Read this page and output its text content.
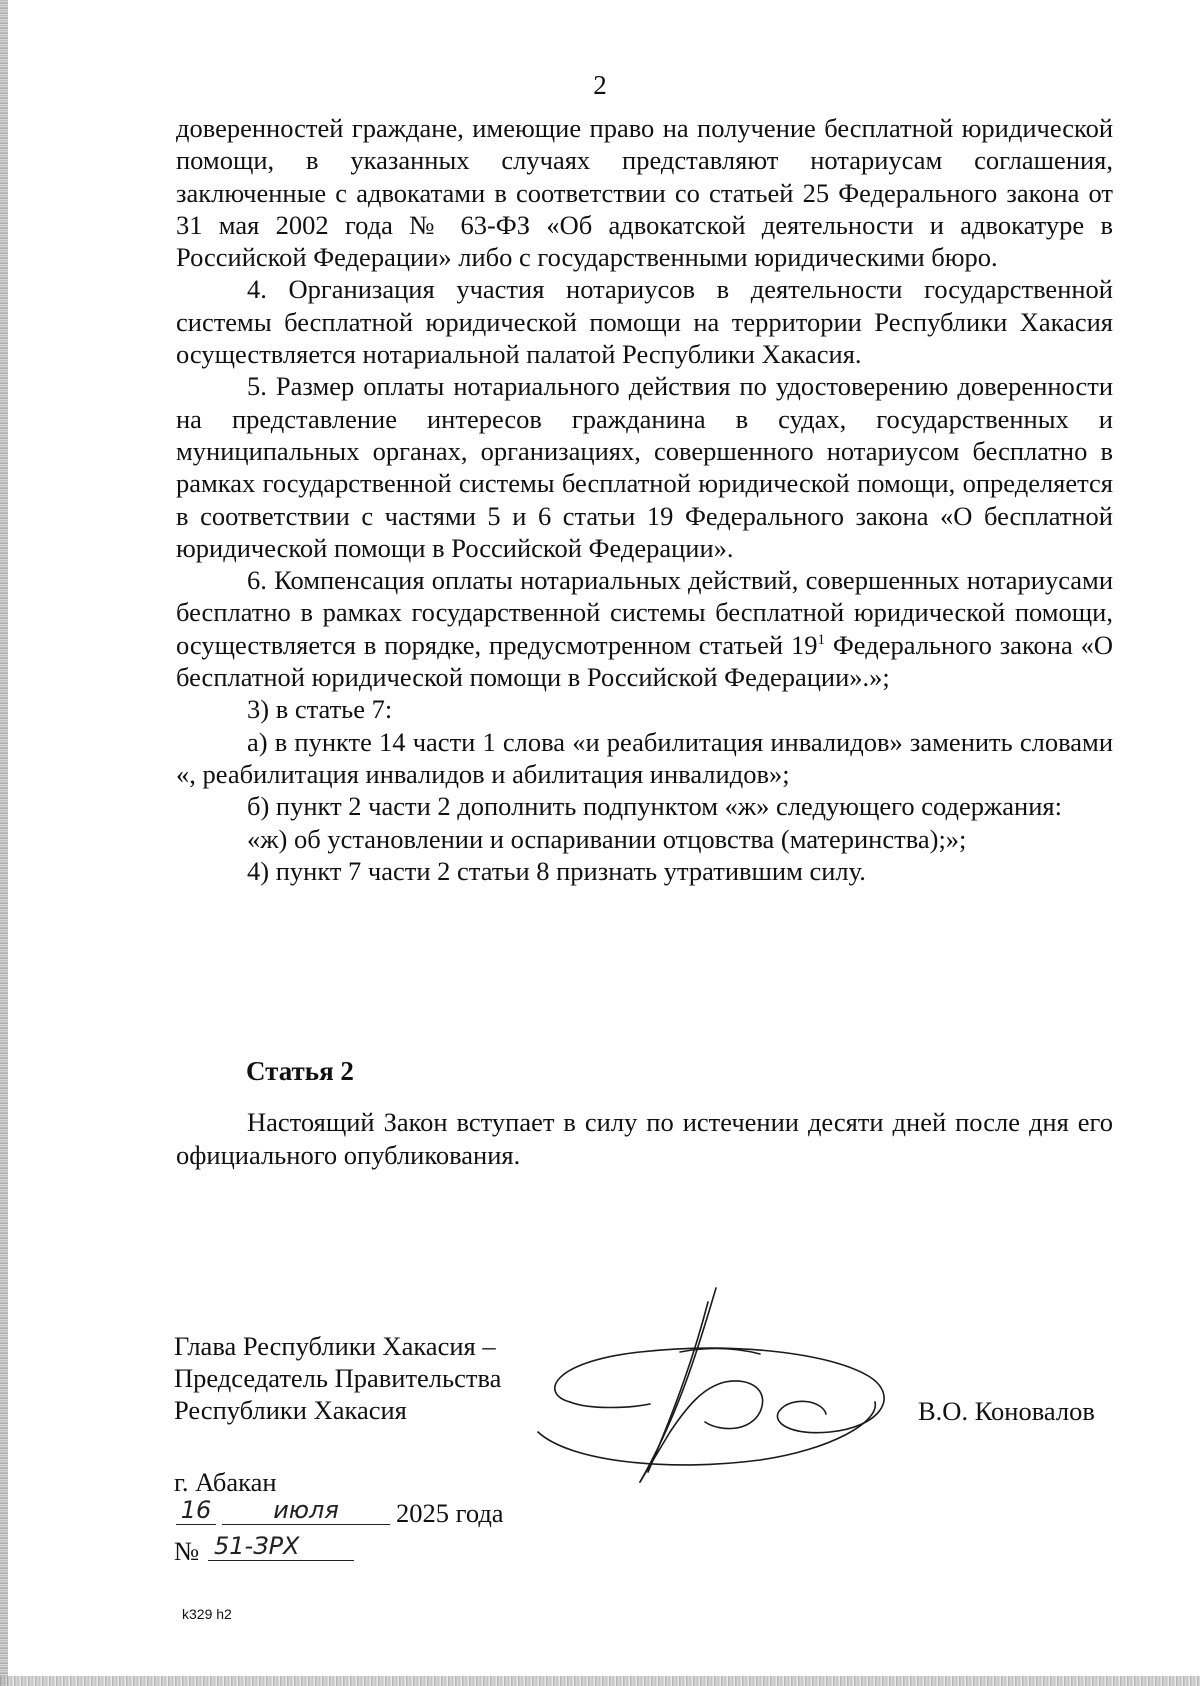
2

доверенностей граждане, имеющие право на получение бесплатной юридической помощи, в указанных случаях представляют нотариусам соглашения, заключенные с адвокатами в соответствии со статьей 25 Федерального закона от 31 мая 2002 года № 63-ФЗ «Об адвокатской деятельности и адвокатуре в Российской Федерации» либо с государственными юридическими бюро.

4. Организация участия нотариусов в деятельности государственной системы бесплатной юридической помощи на территории Республики Хакасия осуществляется нотариальной палатой Республики Хакасия.

5. Размер оплаты нотариального действия по удостоверению доверенности на представление интересов гражданина в судах, государственных и муниципальных органах, организациях, совершенного нотариусом бесплатно в рамках государственной системы бесплатной юридической помощи, определяется в соответствии с частями 5 и 6 статьи 19 Федерального закона «О бесплатной юридической помощи в Российской Федерации».

6. Компенсация оплаты нотариальных действий, совершенных нотариусами бесплатно в рамках государственной системы бесплатной юридической помощи, осуществляется в порядке, предусмотренном статьей $19^1$ Федерального закона «О бесплатной юридической помощи в Российской Федерации».»;

3) в статье 7:

а) в пункте 14 части 1 слова «и реабилитация инвалидов» заменить словами «, реабилитация инвалидов и абилитация инвалидов»;

б) пункт 2 части 2 дополнить подпунктом «ж» следующего содержания:

«ж) об установлении и оспаривании отцовства (материнства);»;

4) пункт 7 части 2 статьи 8 признать утратившим силу.

Статья 2

Настоящий Закон вступает в силу по истечении десяти дней после дня его официального опубликования.

Глава Республики Хакасия –
Председатель Правительства
Республики Хакасия	В.О. Коновалов
г. Абакан
16	июля	2025 года
№ 51-ЗРХ
k329 h2
